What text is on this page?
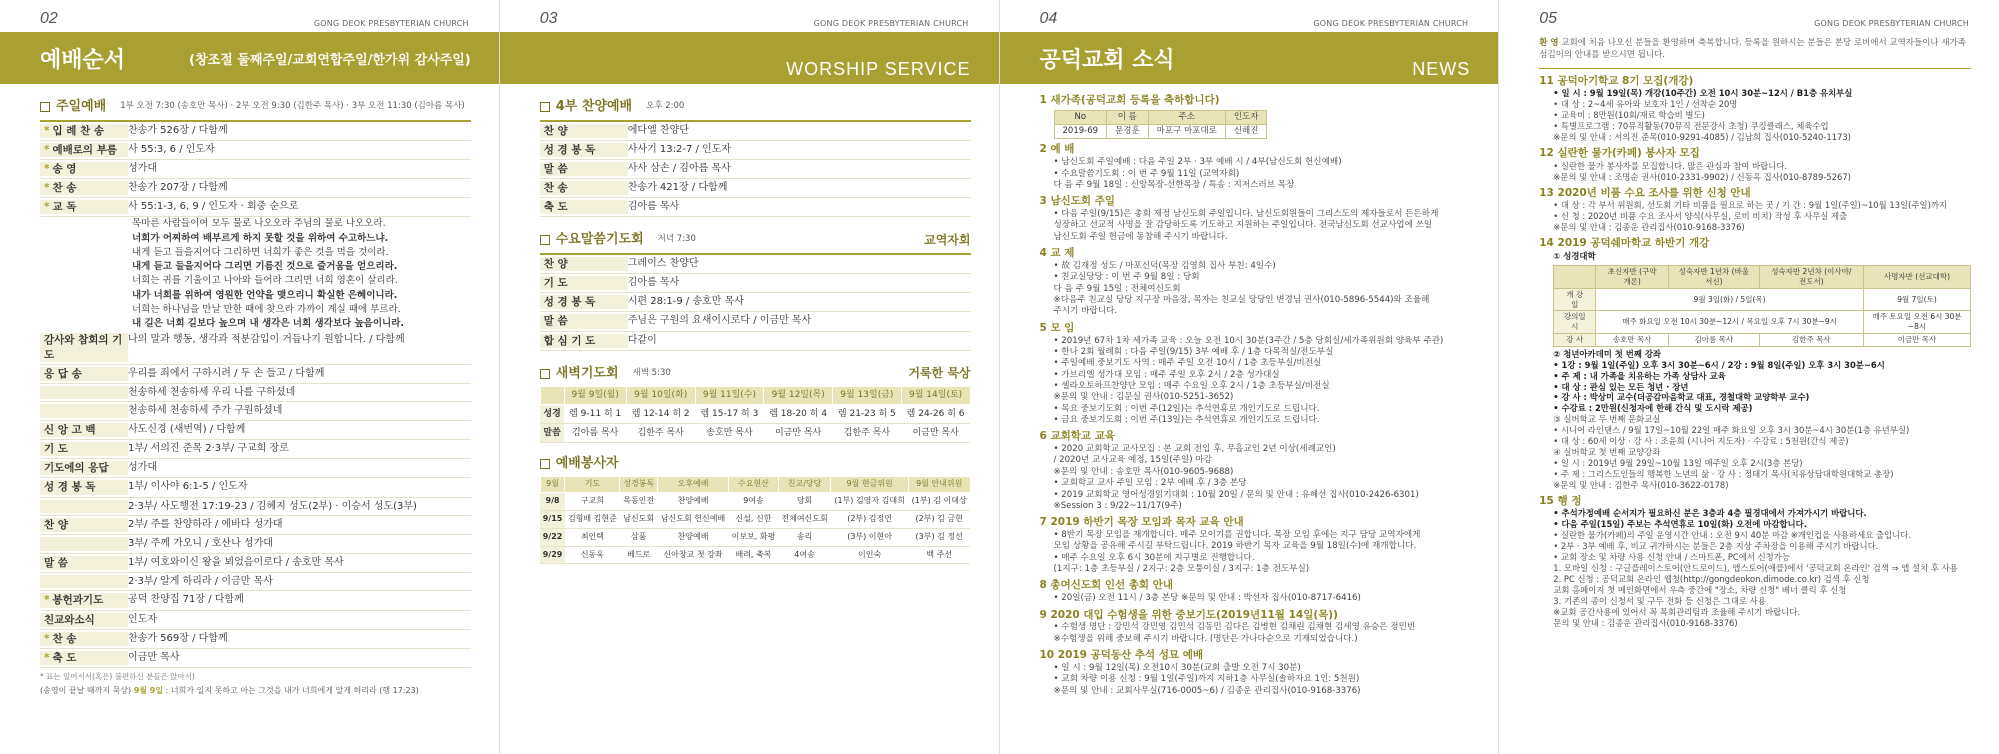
02	GONG DEOK PRESBYTERIAN CHURCH
예배순서	(창조절 둘째주일/교회연합주일/한가위 감사주일)
주일예배 1부 오전 7:30 (송호만 목사) · 2부 오전 9:30 (김한주 목사) · 3부 오전 11:30 (김아름 목사)
* 입 례 찬 송	찬송가 526장 / 다함께
* 예배로의 부름	사 55:3, 6 / 인도자
* 송 영	성가대
* 찬 송	찬송가 207장 / 다함께
* 교 독	사 55:1-3, 6, 9 / 인도자 · 회중 순으로
목마른 사람들이여 모두 물로 나오오라 주님의 물로 나오오라.
너희가 어찌하여 배부르게 하지 못할 것을 위하여 수고하느냐.
내게 듣고 들을지어다 그리하면 너희가 좋은 것을 먹을 것이라.
내게 듣고 들을지어다 그리면 기름진 것으로 즐거움을 얻으리라.
너희는 귀를 기울이고 나아와 들어라 그리면 너희 영혼이 살리라.
내가 너희를 위하여 영원한 언약을 맺으리니 확실한 은혜이니라.
너희는 하나님을 만날 만한 때에 찾으라 가까이 계실 때에 부르라.
내 길은 너희 길보다 높으며 내 생각은 너희 생각보다 높음이니라.
감사와 참회의 기도
나의 말과 행동, 생각과 적분감입이 거듭나기 원합니다. / 다함께
응 답 송	우리를 죄에서 구하시려 / 두 손 들고 / 다함께
천송하세 천송하세 우리 나를 구하셨네
천송하세 천송하세 주가 구원하셨네
신 앙 고 백	사도신경 (새번역) / 다함께
기 도	1부/ 서의진 준목 2·3부/ 구교희 장로
기도에의 응답	성가대
성 경 봉 독	1부/ 이사야 6:1-5 / 인도자
2·3부/ 사도행전 17:19-23 / 김혜지 성도(2부) · 이승서 성도(3부)
찬 양	2부/ 주를 찬양하라 / 에바다 성가대
3부/ 주께 가오니 / 호산나 성가대
말 씀	1부/ 여호와이신 왕을 뵈었음이로다 / 송호만 목사
2·3부/ 알게 하리라 / 이금만 목사
* 봉헌과기도	공덕 찬양집 71장 / 다함께
친교와소식	인도자
* 찬 송	찬송가 569장 / 다함께
* 축 도	이금만 목사
* 표는 일어서서(혹은) 불편하신 분들은 앉아서)
(송영이 끝날 때까지 묵상) 9월 9일 : 너희가 일지 못하고 아는 그것을 내가 너희에게 알게 하리라 (행 17:23)
03	GONG DEOK PRESBYTERIAN CHURCH
WORSHIP SERVICE
4부 찬양예배 오후 2:00
찬 양	에다엘 찬양단
성 경 봉 독	사사기 13:2-7 / 인도자
말 씀	사사 삼손 / 김아름 목사
찬 송	찬송가 421장 / 다함께
축 도	김아름 목사
수요말씀기도회 저녁 7:30	교역자회
찬 양	그레이스 찬양단
기 도	김아름 목사
성 경 봉 독	시편 28:1-9 / 송호만 목사
말 씀	주님은 구원의 요새이시로다 / 이금만 목사
합 심 기 도	다같이
새벽기도회 새벽 5:30	거룩한 묵상
	9월 9일(월)	9월 10일(화)	9월 11일(수)	9월 12일(목)	9월 13일(금)	9월 14일(토)
성경	렘 9-11 히 1	렘 12-14 히 2	렘 15-17 히 3	렘 18-20 히 4	렘 21-23 히 5	렘 24-26 히 6
말씀	김아름 목사	김한주 목사	송호만 목사	이금만 목사	김한주 목사	이금만 목사
예배봉사자
9월	기도	성경봉독	오후예배	수요현산	친교/당당	9월 현금위원	9월 안내위원
9/8	구교희	목동인전	찬양예배	9여송	당회	(1부) 김영자 김대희	(1부) 김 이대상
9/15	김형배 김현준	남신도회	남신도회 헌신예배	신설, 신한	전체여신도회	(2부) 김정연	(2부) 김 금현
9/22	최인택	삼품	찬양예배	이보보, 화평	송리	(3부) 이현아	(3부) 김 정선
9/29	신동욱	베드로	신아창교 첫 강좌	배려, 축복	4여송	이인숙	백 주선
04	GONG DEOK PRESBYTERIAN CHURCH
공덕교회 소식	NEWS
1 새가족(공덕교회 등록을 축하합니다)
No	이 름	주소	인도자
2019-69	문경훈	마포구 마포대로	신해진
2 예 배
• 남신도회 주일예배 : 다음 주일 2부 · 3부 예배 시 / 4부(남신도회 헌신예배)
• 수요말씀기도회 : 이 번 주 9월 11일 (교역자회)
다 음 주 9월 18일 : 신앙목장-선한목장 / 특송 : 지저스러브 목장
3 남신도회 주일
• 다음 주일(9/15)은 총회 제정 남신도회 주일입니다. 남신도회원들이 그리스도의 제자들로서 든든하게
성장하고 선교적 사명을 잘 감당하도록 기도하고 지원하는 주일입니다. 전국남신도회 선교사업에 쓰일
남신도회 주일 헌금에 동참해 주시기 바랍니다.
4 교 제
• 故 김재정 성도 / 마포신덕(목장 김영희 집사 부친: 4일수)
• 친교실당당 : 이 번 주 9월 8일 : 당회
다 음 주 9월 15일 : 전체여신도회
※다음주 친교실 당당 지구장 마음장, 목자는 친교실 당당인 변경님 권사(010-5896-5544)와 조율해
주시기 바랍니다.
5 모 임
• 2019년 67차 1차 세가족 교육 : 오늘 오전 10시 30분(3주간 / 5층 당회실/세가족위원회 양육부 주관)
• 한나 2회 월례회 : 다음 주일(9/15) 3부 예배 후 / 1층 다목적실/전도부실
• 주일예배 중보기도 사역 : 매주 주일 오전 10시 / 1층 초등부실/비전실
• 가브리엘 성가대 모임 : 매주 주일 오후 2시 / 2층 성가대실
• 셀라오토하프찬양단 모임 : 매주 수요일 오후 2시 / 1층 초등부실/비전실
※문의 및 안내 : 김문실 권사(010-5251-3652)
• 목요 중보기도회 : 이번 주(12일)는 추석연휴로 개인기도로 드립니다.
• 금요 중보기도회 : 이번 주(13일)는 추석연휴로 개인기도로 드립니다.
6 교회학교 교육
• 2020 교회학교 교사모집 : 본 교회 전입 후, 무흡교인 2년 이상(세례교인)
/ 2020년 교사교육 예정, 15일(주일) 마감
※문의 및 안내 : 송호만 목사(010-9605-9688)
• 교회학교 교사 주일 모임 : 2부 예배 후 / 3층 본당
• 2019 교회학교 영어성경읽기대회 : 10월 20일 / 문의 및 안내 : 유혜선 집사(010-2426-6301)
※Session 3 : 9/22~11/17(9주)
7 2019 하반기 목장 모임과 목자 교육 안내
• 8반기 목장 모임을 재개합니다. 매주 모이기를 권합니다. 목장 모임 후에는 지구 담당 교역자에게
모임 상황을 공유해 주시길 부탁드립니다. 2019 하반기 목자 교육을 9월 18일(수)에 재개합니다.
• 매주 수요일 오후 6시 30분에 지구별로 진행합니다.
(1지구: 1층 초등부실 / 2지구: 2층 모퉁이실 / 3지구: 1층 전도부실)
8 총여신도회 인선 총회 안내
• 20일(금) 오전 11시 / 3층 본당 ※문의 및 안내 : 박선자 집사(010-8717-6416)
9 2020 대입 수험생을 위한 중보기도(2019년11월 14일(목))
• 수험생 명단 : 강민석 강민영 김민석 김동민 김다은 김병현 김채린 김채현 김세영 유승은 정민빈
※수험생을 위해 중보해 주시기 바랍니다. (명단은 가나다순으로 기재되었습니다.)
10 2019 공덕동산 추석 성묘 예배
• 일 시 : 9월 12일(목) 오전10시 30분(교회 출발 오전 7시 30분)
• 교회 차량 이용 신청 : 9월 1일(주일)까지 지하1층 사무실(솔하자요 1인: 5천원)
※문의 및 안내 : 교회사무실(716-0005~6) / 김종운 관리집사(010-9168-3376)
05	GONG DEOK PRESBYTERIAN CHURCH
환 영 교회에 처음 나오신 분들을 환영하며 축복합니다. 등록을 원하시는 분들은 본당 로비에서 교역자들이나 새가족 섬김이의 안내를 받으시면 됩니다.
11 공덕아기학교 8기 모집(개강)
• 일 시 : 9월 19일(목) 개강(10주간) 오전 10시 30분~12시 / B1층 유치부실
• 대 상 : 2~4세 유아와 보호자 1인 / 선착순 20명
• 교육비 : 8만원(10회/재료 학습비 별도)
• 특별프로그램 : 70뮤직활동(70뮤직 전문강사 초청) 쿠킹클래스, 체육수업
※문의 및 안내 : 서의진 준목(010-9291-4085) / 김남희 집사(010-5240-1173)
12 실란한 물가(카페) 봉사자 모집
• 실란한 물가 봉사자를 모집합니다. 많은 관심과 참여 바랍니다.
※문의 및 안내 : 조명순 권사(010-2331-9902) / 신동옥 집사(010-8789-5267)
13 2020년 비품 수요 조사를 위한 신청 안내
• 대 상 : 각 부서 위원회, 선도회 기타 비품을 필요로 하는 곳 / 기 간 : 9월 1일(주일)~10월 13일(주일)까지
• 신 청 : 2020년 비품 수요 조사서 양식(사무실, 로비 비치) 작성 후 사무실 제출
※문의 및 안내 : 김종운 관리집사(010-9168-3376)
14 2019 공덕쉐마학교 하반기 개강
① 성경대학
	초신자반 (구약개론)	성숙자반 1년차 (바울서신)	성숙자반 2년차 (이사야/전도서)	사명자반 (선교대학)
개 강 일	9월 3일(화) / 5일(목)			9월 7일(토)
강의일시	매주 화요일 오전 10시 30분~12시 / 목요일 오후 7시 30분~9시			매주 토요일 오전 6시 30분~8시
강 사	송호만 목사	김아름 목사	김한주 목사	이금만 목사
② 청년아카데미 첫 번째 강좌
• 1강 : 9월 1일(주일) 오후 3시 30분~6시 / 2강 : 9월 8일(주일) 오후 3시 30분~6시
• 주 제 : 내 가족을 치유하는 가족 상담사 교육
• 대 상 : 관심 있는 모든 청년 · 장년
• 강 사 : 박상미 교수(더공감마음학교 대표, 경철대학 교양학부 교수)
• 수강료 : 2만원(신청자에 한해 간식 및 도시락 제공)
③ 실버학교 두 번째 문화교실
• 시니어 라인댄스 / 9월 17일~10월 22일 매주 화요일 오후 3시 30분~4시 30분(1층 유년부실)
• 대 상 : 60세 이상 · 강 사 : 조윤희 (시니어 지도자) · 수강료 : 5천원(간식 제공)
④ 실버학교 첫 번째 교양강좌
• 일 시 : 2019년 9월 29일~10월 13일 매주일 오후 2시(3층 본당)
• 주 제 : 그리스도인들의 행복한 노년의 삶 · 강 사 : 정태기 목사(치유상담대학원대학교 총장)
※문의 및 안내 : 김한주 목사(010-3622-0178)
15 행 정
• 추석가정예배 순서지가 필요하신 분은 3층과 4층 필경대에서 가져가시기 바랍니다.
• 다음 주일(15일) 주보는 추석연휴로 10일(화) 오전에 마감합니다.
• 실란한 물가(카페)의 주일 운영시간 안내 : 오전 9시 40분 마감 ※개인컵을 사용하세요 출입니다.
• 2부 · 3부 예배 후, 비교 귀가하시는 분들은 2층 지상 주차장을 이용해 주시기 바랍니다.
• 교회 장소 및 차량 사용 신청 안내 / 스마트폰, PC에서 신청가능
1. 모바일 신청 : 구글플레이스토어(안드로이드), 앱스토어(애플)에서 '공덕교회 온라인' 검색 ⇒ 앱 설치 후 사용
2. PC 신청 : 공덕교회 온라인 웹청(http://gongdeokon.dimode.co.kr) 검색 후 신청
교회 홈페이지 첫 메인화면에서 우측 중간에 "장소, 차량 신청" 배너 클릭 후 신청
3. 기존의 종이 신청서 및 구두 전화 등 신청은 그대로 사용
※교회 공간사용에 있어서 꼭 목회관리팀과 조율해 주시기 바랍니다.
문의 및 안내 : 김종운 관리집사(010-9168-3376)
